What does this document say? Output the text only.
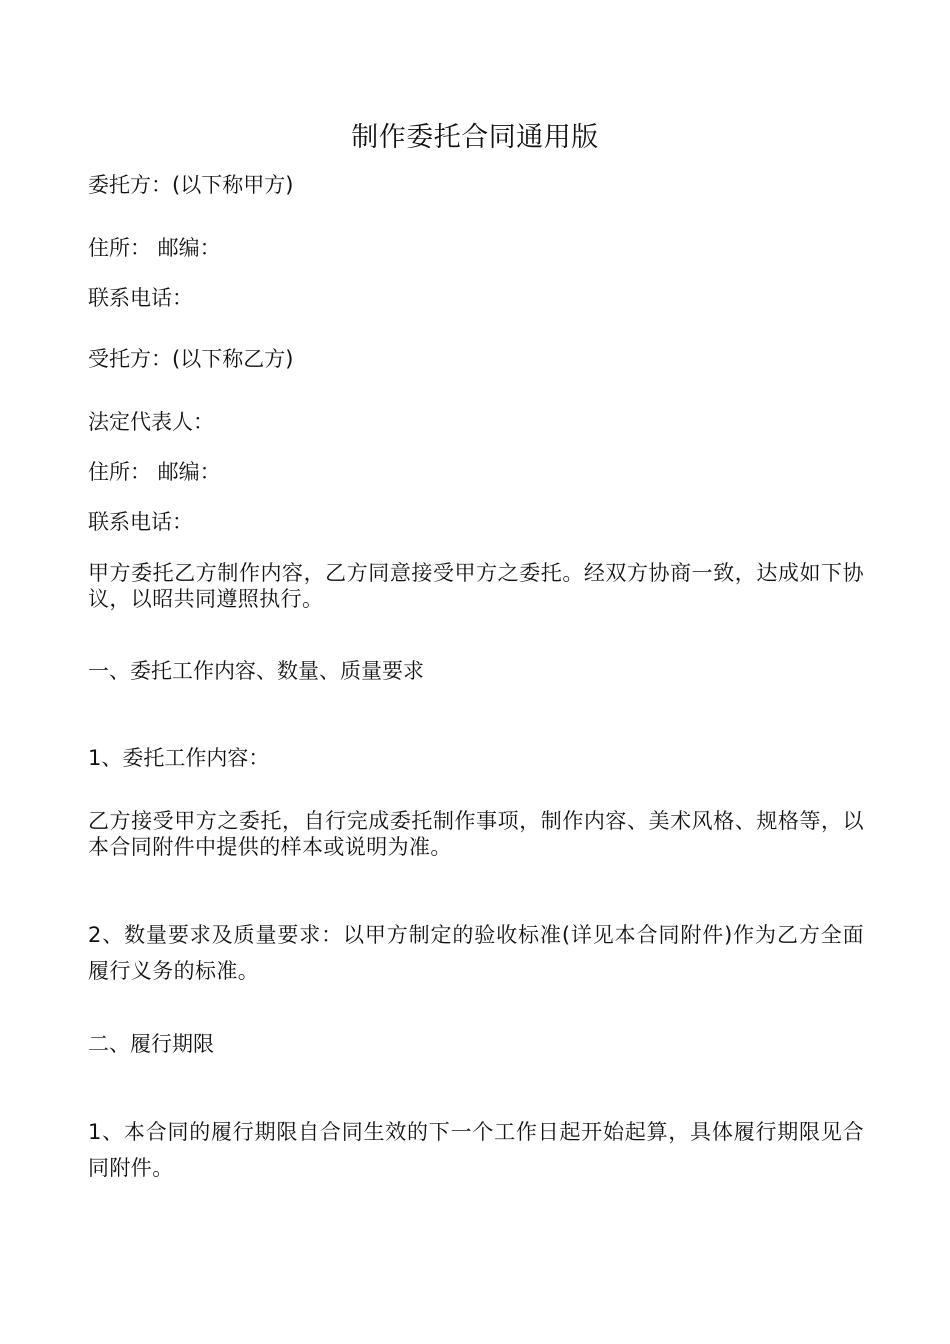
制作委托合同通用版
委托方：(以下称甲方)
住所： 邮编：
联系电话：
受托方：(以下称乙方)
法定代表人：
住所： 邮编：
联系电话：
甲方委托乙方制作内容，乙方同意接受甲方之委托。经双方协商一致，达成如下协议，以昭共同遵照执行。
一、委托工作内容、数量、质量要求
1、委托工作内容：
乙方接受甲方之委托，自行完成委托制作事项，制作内容、美术风格、规格等，以本合同附件中提供的样本或说明为准。
2、数量要求及质量要求：以甲方制定的验收标准(详见本合同附件)作为乙方全面履行义务的标准。
二、履行期限
1、本合同的履行期限自合同生效的下一个工作日起开始起算，具体履行期限见合同附件。
